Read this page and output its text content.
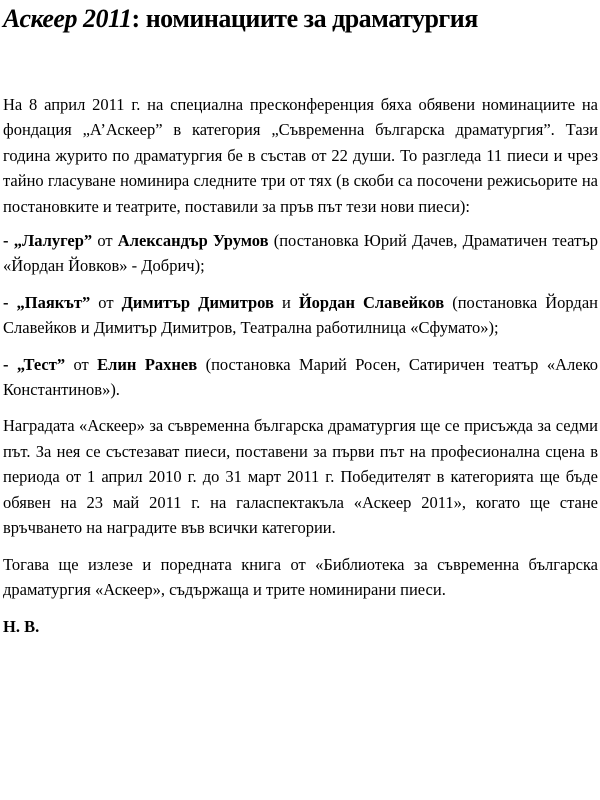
Аскеер 2011: номинациите за драматургия

На 8 април 2011 г. на специална пресконференция бяха обявени номинациите на фондация „А’Аскеер” в категория „Съвременна българска драматургия”. Тази година журито по драматургия бе в състав от 22 души. То разгледа 11 пиеси и чрез тайно гласуване номинира следните три от тях (в скоби са посочени режисьорите на постановките и театрите, поставили за пръв път тези нови пиеси):

- „Лалугер” от Александър Урумов (постановка Юрий Дачев, Драматичен театър «Йордан Йовков» - Добрич);

- „Паякът” от Димитър Димитров и Йордан Славейков (постановка Йордан Славейков и Димитър Димитров, Театрална работилница «Сфумато»);

- „Тест” от Елин Рахнев (постановка Марий Росен, Сатиричен театър «Алеко Константинов»).

Наградата «Аскеер» за съвременна българска драматургия ще се присъжда за седми път. За нея се състезават пиеси, поставени за първи път на професионална сцена в периода от 1 април 2010 г. до 31 март 2011 г. Победителят в категорията ще бъде обявен на 23 май 2011 г. на галаспектакъла «Аскеер 2011», когато ще стане връчването на наградите във всички категории.

Тогава ще излезе и поредната книга от «Библиотека за съвременна българска драматургия «Аскеер», съдържаща и трите номинирани пиеси.

Н. В.
